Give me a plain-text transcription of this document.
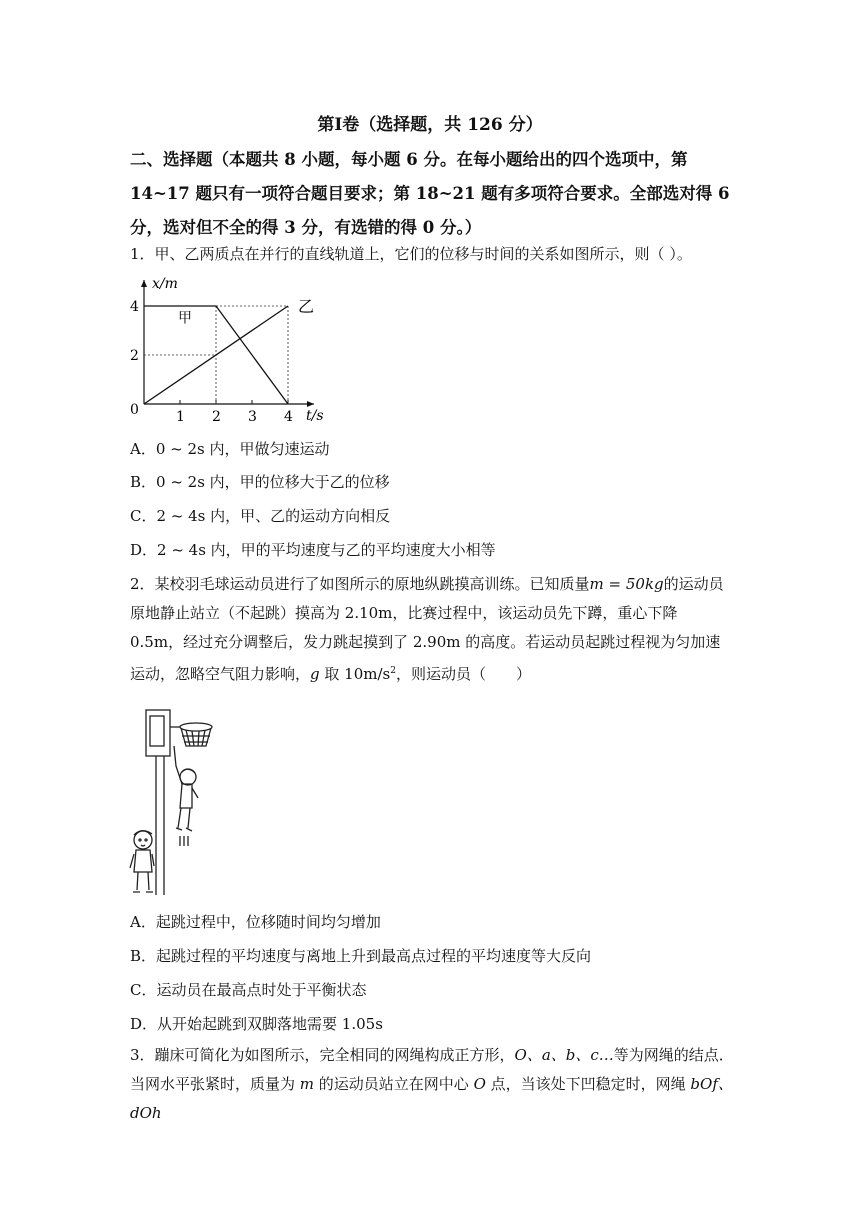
第Ⅰ卷（选择题，共 126 分）
二、选择题（本题共 8 小题，每小题 6 分。在每小题给出的四个选项中，第 14~17 题只有一项符合题目要求；第 18~21 题有多项符合要求。全部选对得 6 分，选对但不全的得 3 分，有选错的得 0 分。）
1．甲、乙两质点在并行的直线轨道上，它们的位移与时间的关系如图所示，则（ ）。
x/m
t/s
0	1 2 3 4
2
4
甲
乙
A．0 ~ 2s 内，甲做匀速运动
B．0 ~ 2s 内，甲的位移大于乙的位移
C．2 ~ 4s 内，甲、乙的运动方向相反
D．2 ~ 4s 内，甲的平均速度与乙的平均速度大小相等
2．某校羽毛球运动员进行了如图所示的原地纵跳摸高训练。已知质量m = 50kg的运动员原地静止站立（不起跳）摸高为 2.10m，比赛过程中，该运动员先下蹲，重心下降 0.5m，经过充分调整后，发力跳起摸到了 2.90m 的高度。若运动员起跳过程视为匀加速运动，忽略空气阻力影响，g 取 $10m/s^2$，则运动员（　　）
A．起跳过程中，位移随时间均匀增加
B．起跳过程的平均速度与离地上升到最高点过程的平均速度等大反向
C．运动员在最高点时处于平衡状态
D．从开始起跳到双脚落地需要 1.05s
3．蹦床可简化为如图所示，完全相同的网绳构成正方形，O、a、b、c…等为网绳的结点．当网水平张紧时，质量为 m 的运动员站立在网中心 O 点，当该处下凹稳定时，网绳 bOf、dOh
